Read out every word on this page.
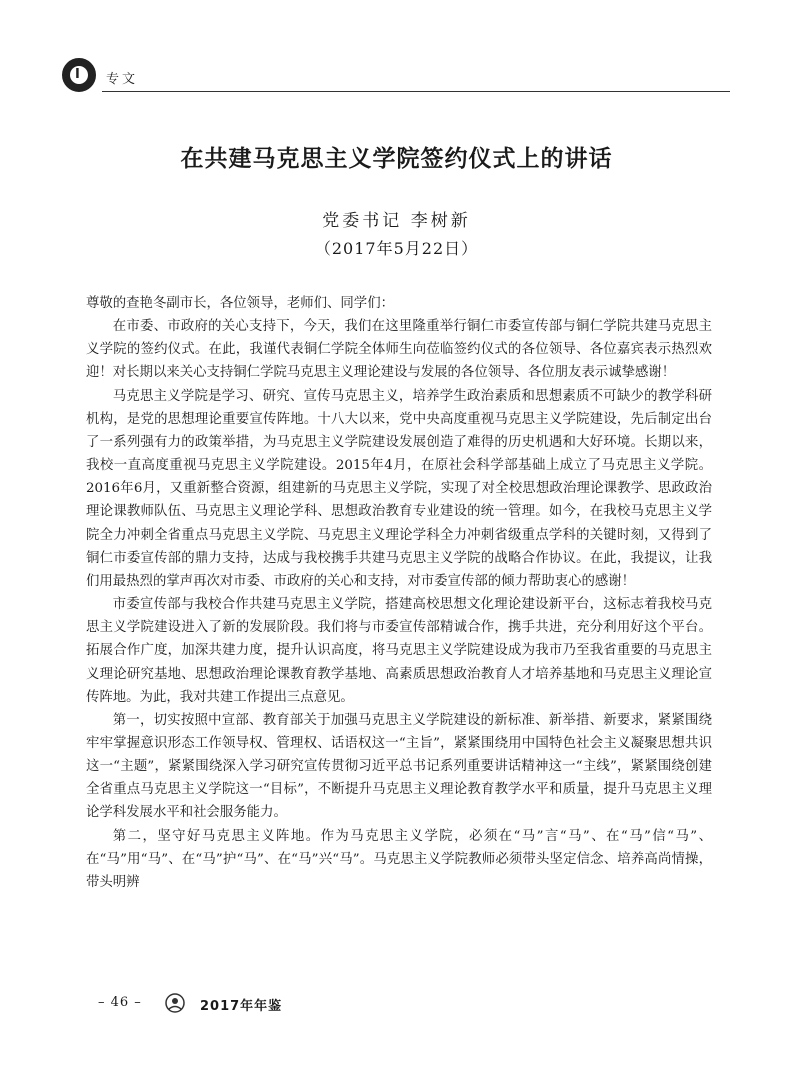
Ⅰ 专文
在共建马克思主义学院签约仪式上的讲话
党委书记 李树新
（2017年5月22日）

尊敬的查艳冬副市长，各位领导，老师们、同学们：

在市委、市政府的关心支持下，今天，我们在这里隆重举行铜仁市委宣传部与铜仁学院共建马克思主义学院的签约仪式。在此，我谨代表铜仁学院全体师生向莅临签约仪式的各位领导、各位嘉宾表示热烈欢迎！对长期以来关心支持铜仁学院马克思主义理论建设与发展的各位领导、各位朋友表示诚挚感谢！

马克思主义学院是学习、研究、宣传马克思主义，培养学生政治素质和思想素质不可缺少的教学科研机构，是党的思想理论重要宣传阵地。十八大以来，党中央高度重视马克思主义学院建设，先后制定出台了一系列强有力的政策举措，为马克思主义学院建设发展创造了难得的历史机遇和大好环境。长期以来，我校一直高度重视马克思主义学院建设。2015年4月，在原社会科学部基础上成立了马克思主义学院。2016年6月，又重新整合资源，组建新的马克思主义学院，实现了对全校思想政治理论课教学、思政政治理论课教师队伍、马克思主义理论学科、思想政治教育专业建设的统一管理。如今，在我校马克思主义学院全力冲刺全省重点马克思主义学院、马克思主义理论学科全力冲刺省级重点学科的关键时刻，又得到了铜仁市委宣传部的鼎力支持，达成与我校携手共建马克思主义学院的战略合作协议。在此，我提议，让我们用最热烈的掌声再次对市委、市政府的关心和支持，对市委宣传部的倾力帮助衷心的感谢！

市委宣传部与我校合作共建马克思主义学院，搭建高校思想文化理论建设新平台，这标志着我校马克思主义学院建设进入了新的发展阶段。我们将与市委宣传部精诚合作，携手共进，充分利用好这个平台。拓展合作广度，加深共建力度，提升认识高度，将马克思主义学院建设成为我市乃至我省重要的马克思主义理论研究基地、思想政治理论课教育教学基地、高素质思想政治教育人才培养基地和马克思主义理论宣传阵地。为此，我对共建工作提出三点意见。

第一，切实按照中宣部、教育部关于加强马克思主义学院建设的新标准、新举措、新要求，紧紧围绕牢牢掌握意识形态工作领导权、管理权、话语权这一“主旨”，紧紧围绕用中国特色社会主义凝聚思想共识这一“主题”，紧紧围绕深入学习研究宣传贯彻习近平总书记系列重要讲话精神这一“主线”，紧紧围绕创建全省重点马克思主义学院这一“目标”，不断提升马克思主义理论教育教学水平和质量，提升马克思主义理论学科发展水平和社会服务能力。

第二，坚守好马克思主义阵地。作为马克思主义学院，必须在“马”言“马”、在“马”信“马”、在“马”用“马”、在“马”护“马”、在“马”兴“马”。马克思主义学院教师必须带头坚定信念、培养高尚情操，带头明辨

– 46 –	2017年年鉴
